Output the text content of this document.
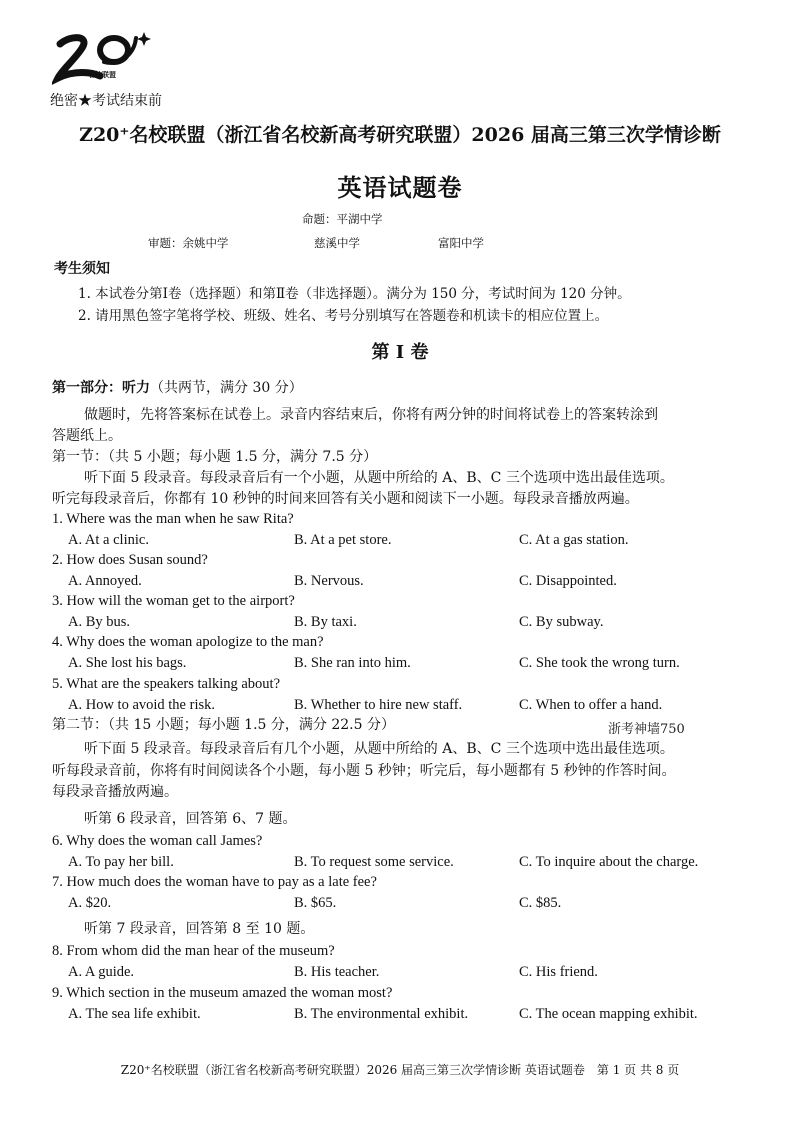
名校联盟
绝密★考试结束前
Z20⁺名校联盟（浙江省名校新高考研究联盟）2026 届高三第三次学情诊断
英语试题卷
命题：平湖中学
审题：余姚中学	慈溪中学	富阳中学
考生须知
1. 本试卷分第Ⅰ卷（选择题）和第Ⅱ卷（非选择题）。满分为 150 分，考试时间为 120 分钟。
2. 请用黑色签字笔将学校、班级、姓名、考号分别填写在答题卷和机读卡的相应位置上。
第 I 卷
第一部分：听力（共两节，满分 30 分）
做题时，先将答案标在试卷上。录音内容结束后，你将有两分钟的时间将试卷上的答案转涂到
答题纸上。
第一节：（共 5 小题；每小题 1.5 分，满分 7.5 分）
听下面 5 段录音。每段录音后有一个小题，从题中所给的 A、B、C 三个选项中选出最佳选项。
听完每段录音后，你都有 10 秒钟的时间来回答有关小题和阅读下一小题。每段录音播放两遍。
1. Where was the man when he saw Rita?
A. At a clinic.	B. At a pet store.	C. At a gas station.
2. How does Susan sound?
A. Annoyed.	B. Nervous.	C. Disappointed.
3. How will the woman get to the airport?
A. By bus.	B. By taxi.	C. By subway.
4. Why does the woman apologize to the man?
A. She lost his bags.	B. She ran into him.	C. She took the wrong turn.
5. What are the speakers talking about?
A. How to avoid the risk.	B. Whether to hire new staff.	C. When to offer a hand.
第二节：（共 15 小题；每小题 1.5 分，满分 22.5 分）	浙考神墙750
听下面 5 段录音。每段录音后有几个小题，从题中所给的 A、B、C 三个选项中选出最佳选项。
听每段录音前，你将有时间阅读各个小题，每小题 5 秒钟；听完后，每小题都有 5 秒钟的作答时间。
每段录音播放两遍。
听第 6 段录音，回答第 6、7 题。
6. Why does the woman call James?
A. To pay her bill.	B. To request some service.	C. To inquire about the charge.
7. How much does the woman have to pay as a late fee?
A. $20.	B. $65.	C. $85.
听第 7 段录音，回答第 8 至 10 题。
8. From whom did the man hear of the museum?
A. A guide.	B. His teacher.	C. His friend.
9. Which section in the museum amazed the woman most?
A. The sea life exhibit.	B. The environmental exhibit.	C. The ocean mapping exhibit.
Z20⁺名校联盟（浙江省名校新高考研究联盟）2026 届高三第三次学情诊断 英语试题卷　第 1 页 共 8 页
